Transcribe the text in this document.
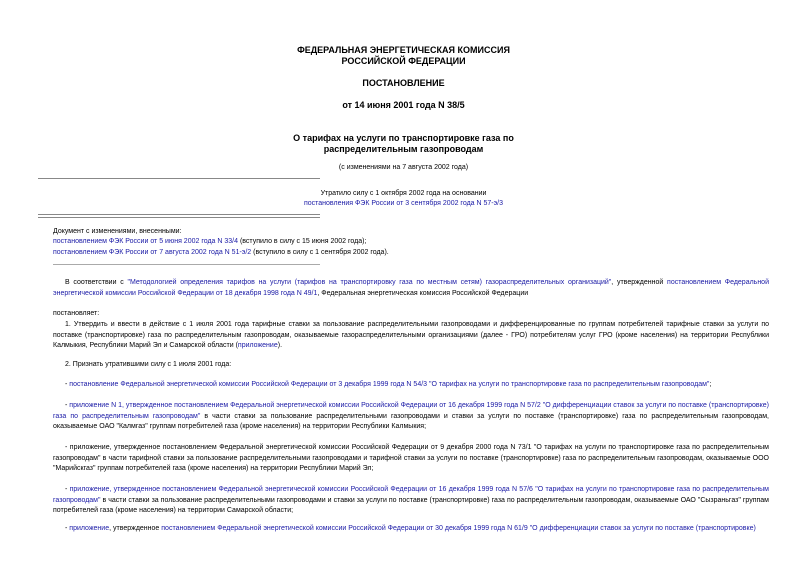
ФЕДЕРАЛЬНАЯ ЭНЕРГЕТИЧЕСКАЯ КОМИССИЯ
РОССИЙСКОЙ ФЕДЕРАЦИИ
ПОСТАНОВЛЕНИЕ
от 14 июня 2001 года N 38/5
О тарифах на услуги по транспортировке газа по
распределительным газопроводам
(с изменениями на 7 августа 2002 года)
Утратило силу с 1 октября 2002 года на основании
постановления ФЭК России от 3 сентября 2002 года N 57-э/3
Документ с изменениями, внесенными:
постановлением ФЭК России от 5 июня 2002 года N 33/4 (вступило в силу с 15 июня 2002 года);
постановлением ФЭК России от 7 августа 2002 года N 51-э/2 (вступило в силу с 1 сентября 2002 года).
В соответствии с "Методологией определения тарифов на услуги (тарифов на транспортировку газа по местным сетям) газораспределительных организаций", утвержденной постановлением Федеральной энергетической комиссии Российской Федерации от 18 декабря 1998 года N 49/1, Федеральная энергетическая комиссия Российской Федерации
постановляет:
1. Утвердить и ввести в действие с 1 июля 2001 года тарифные ставки за пользование распределительными газопроводами и дифференцированные по группам потребителей тарифные ставки за услуги по поставке (транспортировке) газа по распределительным газопроводам, оказываемые газораспределительными организациями (далее - ГРО) потребителям услуг ГРО (кроме населения) на территории Республики Калмыкия, Республики Марий Эл и Самарской области (приложение).
2. Признать утратившими силу с 1 июля 2001 года:
- постановление Федеральной энергетической комиссии Российской Федерации от 3 декабря 1999 года N 54/3 "О тарифах на услуги по транспортировке газа по распределительным газопроводам";
- приложение N 1, утвержденное постановлением Федеральной энергетической комиссии Российской Федерации от 16 декабря 1999 года N 57/2 "О дифференциации ставок за услуги по поставке (транспортировке) газа по распределительным газопроводам" в части ставки за пользование распределительными газопроводами и ставки за услуги по поставке (транспортировке) газа по распределительным газопроводам, оказываемые ОАО "Калмгаз" группам потребителей газа (кроме населения) на территории Республики Калмыкия;
- приложение, утвержденное постановлением Федеральной энергетической комиссии Российской Федерации от 9 декабря 2000 года N 73/1 "О тарифах на услуги по транспортировке газа по распределительным газопроводам" в части тарифной ставки за пользование распределительными газопроводами и тарифной ставки за услуги по поставке (транспортировке) газа по распределительным газопроводам, оказываемые ООО "Марийскгаз" группам потребителей газа (кроме населения) на территории Республики Марий Эл;
- приложение, утвержденное постановлением Федеральной энергетической комиссии Российской Федерации от 16 декабря 1999 года N 57/6 "О тарифах на услуги по транспортировке газа по распределительным газопроводам" в части ставки за пользование распределительными газопроводами и ставки за услуги по поставке (транспортировке) газа по распределительным газопроводам, оказываемые ОАО "Сызраньгаз" группам потребителей газа (кроме населения) на территории Самарской области;
- приложение, утвержденное постановлением Федеральной энергетической комиссии Российской Федерации от 30 декабря 1999 года N 61/9 "О дифференциации ставок за услуги по поставке (транспортировке)
